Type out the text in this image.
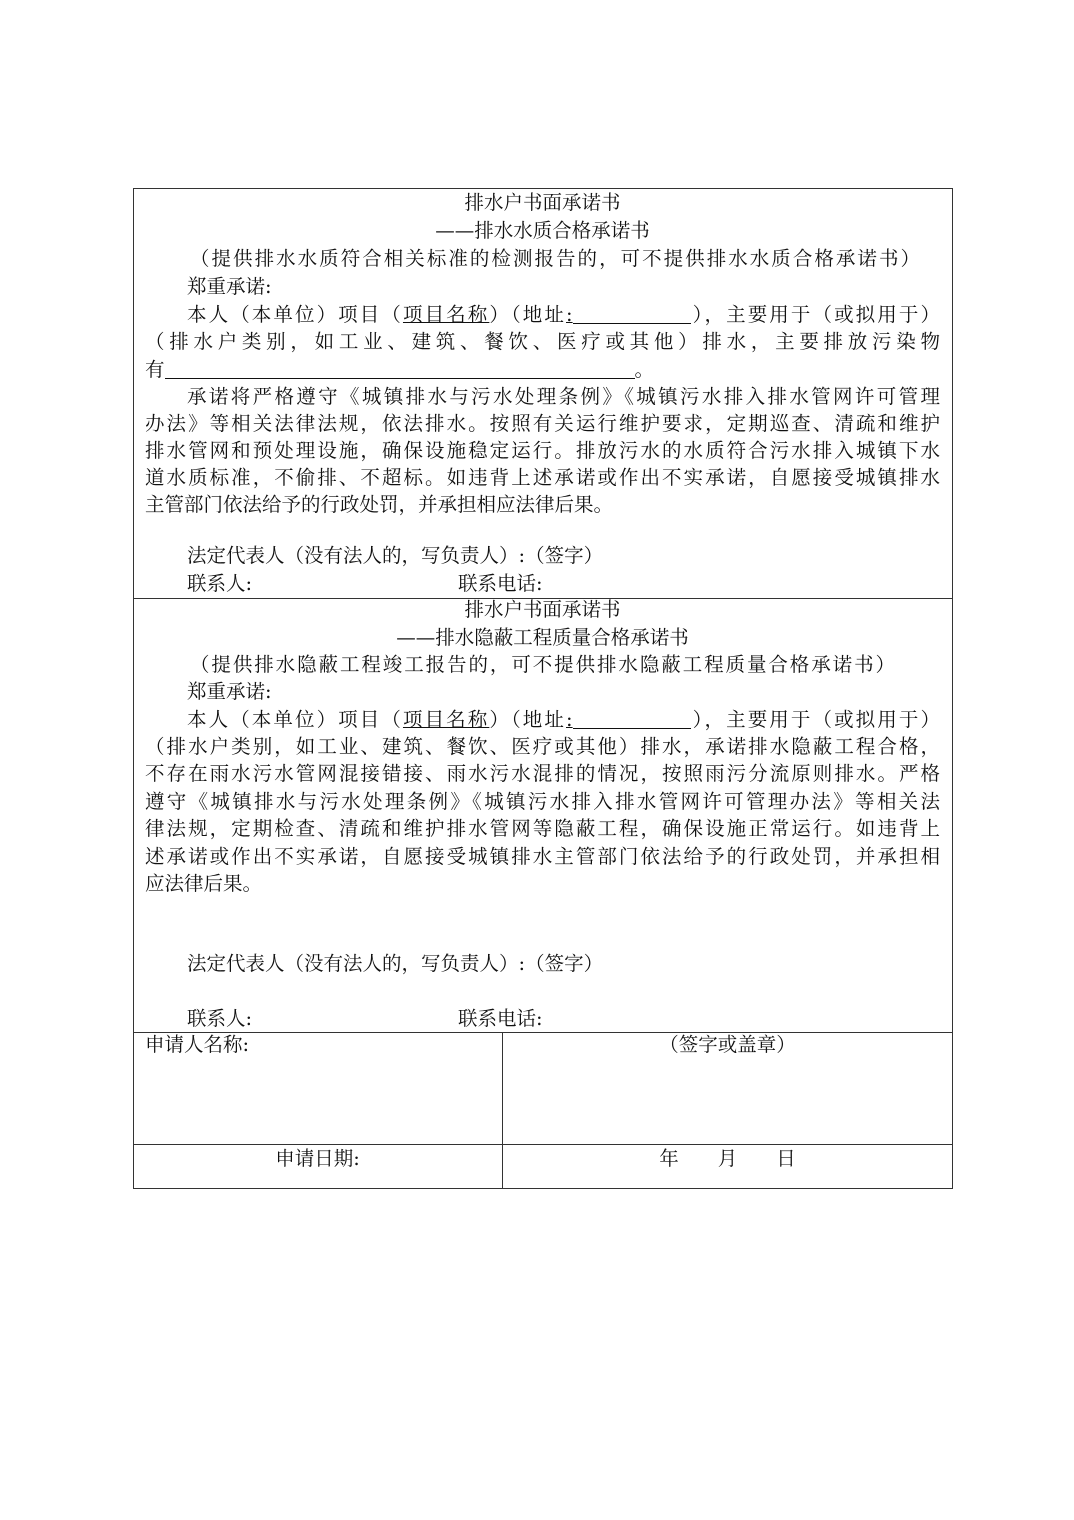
排水户书面承诺书
——排水水质合格承诺书
（提供排水水质符合相关标准的检测报告的，可不提供排水水质合格承诺书）
郑重承诺:
本人（本单位）项目（项目名称）（地址:	），主要用于（或拟用于）
（排水户类别，如工业、建筑、餐饮、医疗或其他）排水，主要排放污染物
有	。
承诺将严格遵守《城镇排水与污水处理条例》《城镇污水排入排水管网许可管理
办法》等相关法律法规，依法排水。按照有关运行维护要求，定期巡查、清疏和维护
排水管网和预处理设施，确保设施稳定运行。排放污水的水质符合污水排入城镇下水
道水质标准，不偷排、不超标。如违背上述承诺或作出不实承诺，自愿接受城镇排水
主管部门依法给予的行政处罚，并承担相应法律后果。
法定代表人（没有法人的，写负责人）:（签字）
联系人:	联系电话:
排水户书面承诺书
——排水隐蔽工程质量合格承诺书
（提供排水隐蔽工程竣工报告的，可不提供排水隐蔽工程质量合格承诺书）
郑重承诺:
本人（本单位）项目（项目名称）（地址:	），主要用于（或拟用于）
（排水户类别，如工业、建筑、餐饮、医疗或其他）排水，承诺排水隐蔽工程合格，
不存在雨水污水管网混接错接、雨水污水混排的情况，按照雨污分流原则排水。严格
遵守《城镇排水与污水处理条例》《城镇污水排入排水管网许可管理办法》等相关法
律法规，定期检查、清疏和维护排水管网等隐蔽工程，确保设施正常运行。如违背上
述承诺或作出不实承诺，自愿接受城镇排水主管部门依法给予的行政处罚，并承担相
应法律后果。
法定代表人（没有法人的，写负责人）:（签字）
联系人:	联系电话:
申请人名称:	（签字或盖章）
申请日期:	年　　月　　日
